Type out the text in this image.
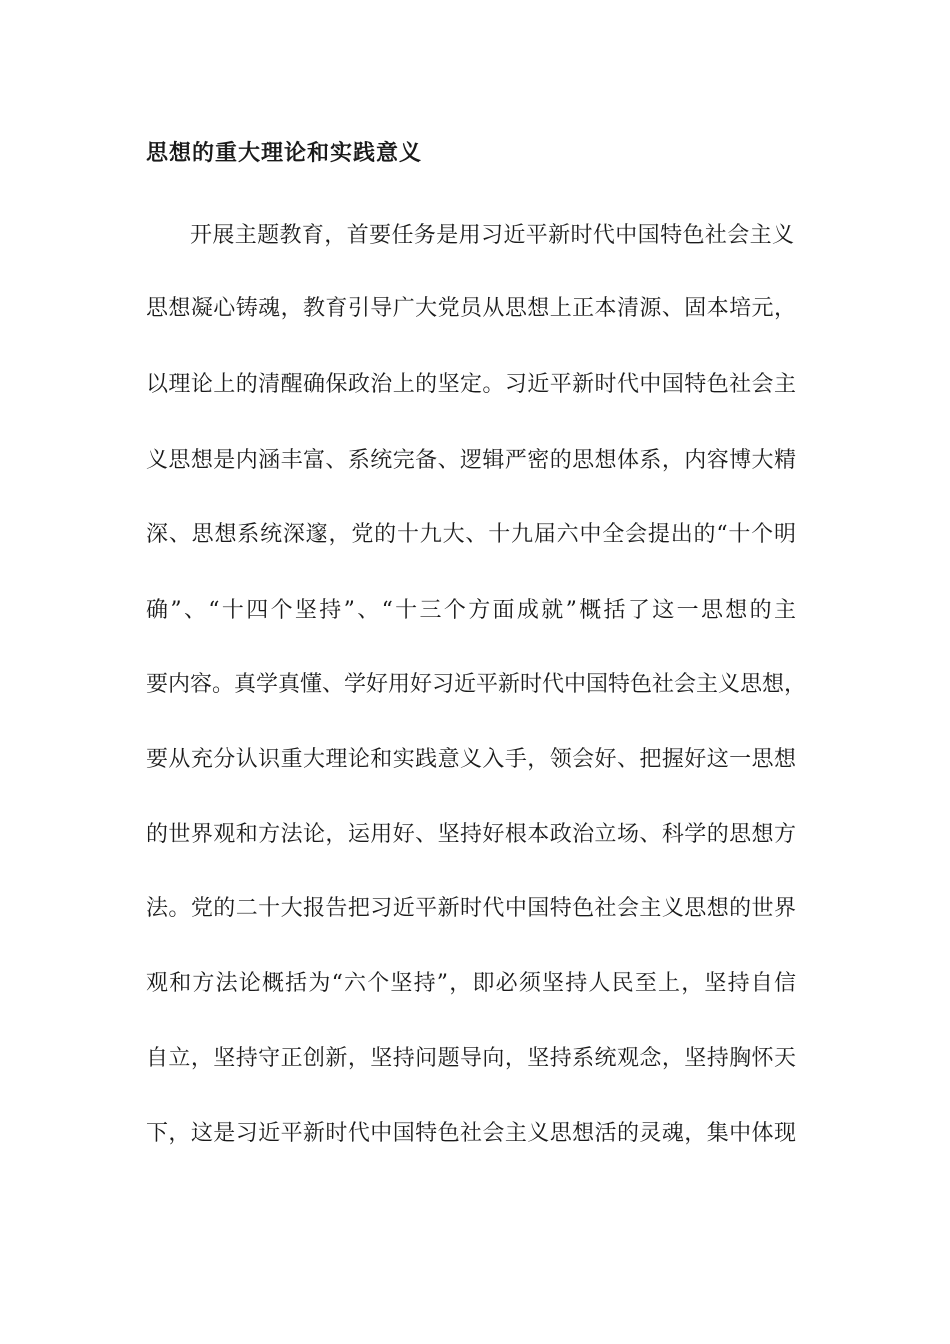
思想的重大理论和实践意义
开展主题教育，首要任务是用习近平新时代中国特色社会主义
思想凝心铸魂，教育引导广大党员从思想上正本清源、固本培元，
以理论上的清醒确保政治上的坚定。习近平新时代中国特色社会主
义思想是内涵丰富、系统完备、逻辑严密的思想体系，内容博大精
深、思想系统深邃，党的十九大、十九届六中全会提出的“十个明
确”、“十四个坚持”、“十三个方面成就”概括了这一思想的主
要内容。真学真懂、学好用好习近平新时代中国特色社会主义思想，
要从充分认识重大理论和实践意义入手，领会好、把握好这一思想
的世界观和方法论，运用好、坚持好根本政治立场、科学的思想方
法。党的二十大报告把习近平新时代中国特色社会主义思想的世界
观和方法论概括为“六个坚持”，即必须坚持人民至上，坚持自信
自立，坚持守正创新，坚持问题导向，坚持系统观念，坚持胸怀天
下，这是习近平新时代中国特色社会主义思想活的灵魂，集中体现
